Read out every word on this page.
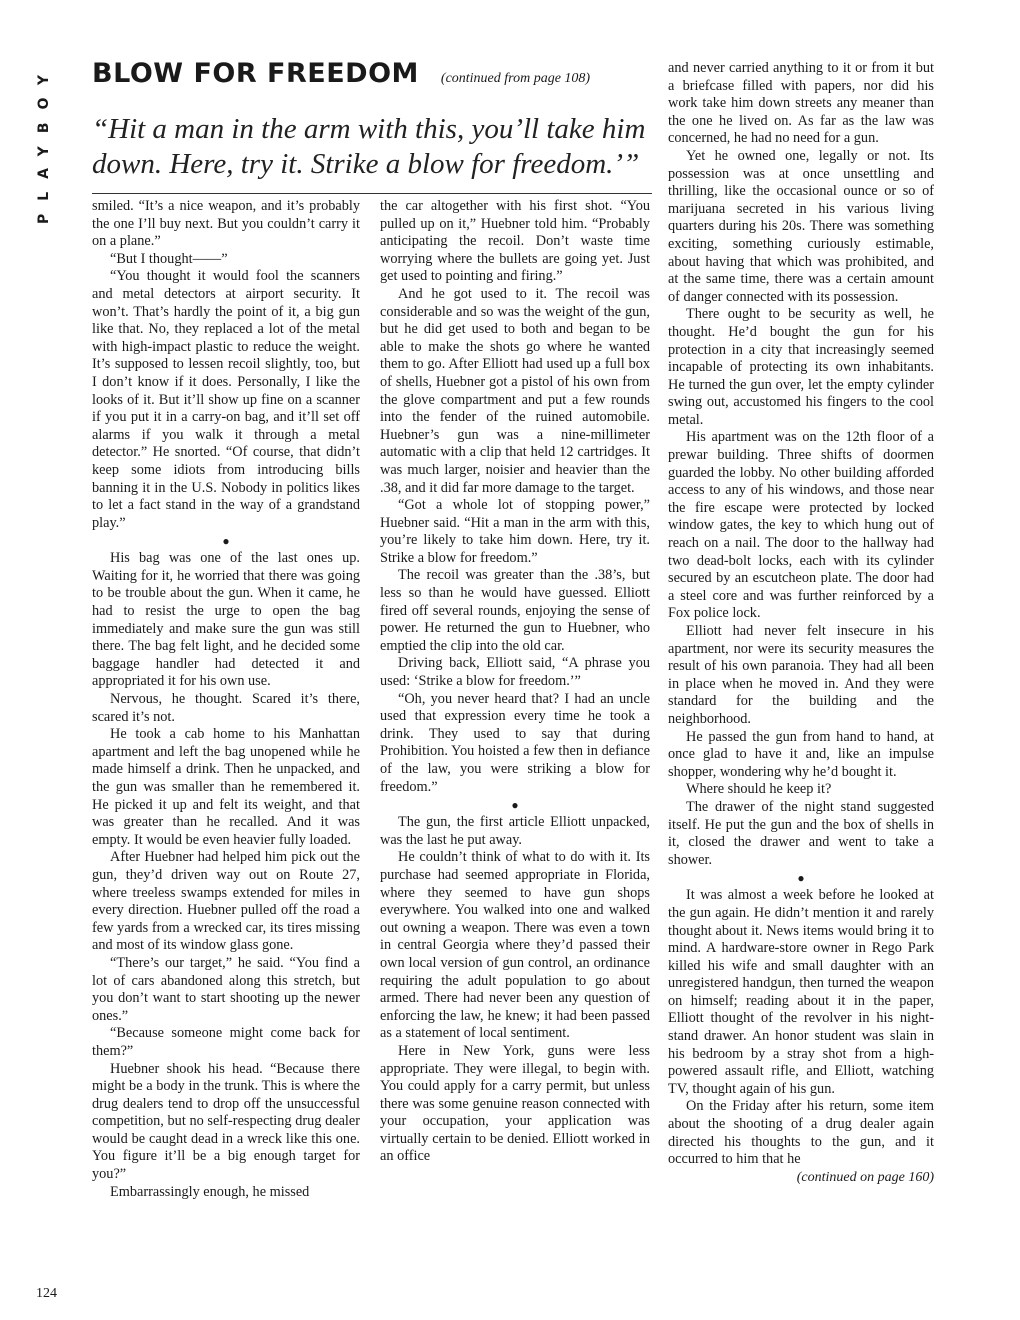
PLAYBOY BLOW FOR FREEDOM (continued from page 108)
“Hit a man in the arm with this, you’ll take him down. Here, try it. Strike a blow for freedom.’”

smiled. “It’s a nice weapon, and it’s probably the one I’ll buy next. But you couldn’t carry it on a plane.”

“But I thought——”

“You thought it would fool the scanners and metal detectors at airport security. It won’t. That’s hardly the point of it, a big gun like that. No, they replaced a lot of the metal with high-impact plastic to reduce the weight. It’s supposed to lessen recoil slightly, too, but I don’t know if it does. Personally, I like the looks of it. But it’ll show up fine on a scanner if you put it in a carry-on bag, and it’ll set off alarms if you walk it through a metal detector.” He snorted. “Of course, that didn’t keep some idiots from introducing bills banning it in the U.S. Nobody in politics likes to let a fact stand in the way of a grandstand play.”

●

His bag was one of the last ones up. Waiting for it, he worried that there was going to be trouble about the gun. When it came, he had to resist the urge to open the bag immediately and make sure the gun was still there. The bag felt light, and he decided some baggage handler had detected it and appropriated it for his own use.

Nervous, he thought. Scared it’s there, scared it’s not.

He took a cab home to his Manhattan apartment and left the bag unopened while he made himself a drink. Then he unpacked, and the gun was smaller than he remembered it. He picked it up and felt its weight, and that was greater than he recalled. And it was empty. It would be even heavier fully loaded.

After Huebner had helped him pick out the gun, they’d driven way out on Route 27, where treeless swamps extended for miles in every direction. Huebner pulled off the road a few yards from a wrecked car, its tires missing and most of its window glass gone.

“There’s our target,” he said. “You find a lot of cars abandoned along this stretch, but you don’t want to start shooting up the newer ones.”

“Because someone might come back for them?”

Huebner shook his head. “Because there might be a body in the trunk. This is where the drug dealers tend to drop off the unsuccessful competition, but no self-respecting drug dealer would be caught dead in a wreck like this one. You figure it’ll be a big enough target for you?”

Embarrassingly enough, he missed

the car altogether with his first shot. “You pulled up on it,” Huebner told him. “Probably anticipating the recoil. Don’t waste time worrying where the bullets are going yet. Just get used to pointing and firing.”

And he got used to it. The recoil was considerable and so was the weight of the gun, but he did get used to both and began to be able to make the shots go where he wanted them to go. After Elliott had used up a full box of shells, Huebner got a pistol of his own from the glove compartment and put a few rounds into the fender of the ruined automobile. Huebner’s gun was a nine-millimeter automatic with a clip that held 12 cartridges. It was much larger, noisier and heavier than the .38, and it did far more damage to the target.

“Got a whole lot of stopping power,” Huebner said. “Hit a man in the arm with this, you’re likely to take him down. Here, try it. Strike a blow for freedom.”

The recoil was greater than the .38’s, but less so than he would have guessed. Elliott fired off several rounds, enjoying the sense of power. He returned the gun to Huebner, who emptied the clip into the old car.

Driving back, Elliott said, “A phrase you used: ‘Strike a blow for freedom.’”

“Oh, you never heard that? I had an uncle used that expression every time he took a drink. They used to say that during Prohibition. You hoisted a few then in defiance of the law, you were striking a blow for freedom.”

●

The gun, the first article Elliott unpacked, was the last he put away.

He couldn’t think of what to do with it. Its purchase had seemed appropriate in Florida, where they seemed to have gun shops everywhere. You walked into one and walked out owning a weapon. There was even a town in central Georgia where they’d passed their own local version of gun control, an ordinance requiring the adult population to go about armed. There had never been any question of enforcing the law, he knew; it had been passed as a statement of local sentiment.

Here in New York, guns were less appropriate. They were illegal, to begin with. You could apply for a carry permit, but unless there was some genuine reason connected with your occupation, your application was virtually certain to be denied. Elliott worked in an office

and never carried anything to it or from it but a briefcase filled with papers, nor did his work take him down streets any meaner than the one he lived on. As far as the law was concerned, he had no need for a gun.

Yet he owned one, legally or not. Its possession was at once unsettling and thrilling, like the occasional ounce or so of marijuana secreted in his various living quarters during his 20s. There was something exciting, something curiously estimable, about having that which was prohibited, and at the same time, there was a certain amount of danger connected with its possession.

There ought to be security as well, he thought. He’d bought the gun for his protection in a city that increasingly seemed incapable of protecting its own inhabitants. He turned the gun over, let the empty cylinder swing out, accustomed his fingers to the cool metal.

His apartment was on the 12th floor of a prewar building. Three shifts of doormen guarded the lobby. No other building afforded access to any of his windows, and those near the fire escape were protected by locked window gates, the key to which hung out of reach on a nail. The door to the hallway had two dead-bolt locks, each with its cylinder secured by an escutcheon plate. The door had a steel core and was further reinforced by a Fox police lock.

Elliott had never felt insecure in his apartment, nor were its security measures the result of his own paranoia. They had all been in place when he moved in. And they were standard for the building and the neighborhood.

He passed the gun from hand to hand, at once glad to have it and, like an impulse shopper, wondering why he’d bought it.

Where should he keep it?

The drawer of the night stand suggested itself. He put the gun and the box of shells in it, closed the drawer and went to take a shower.

●

It was almost a week before he looked at the gun again. He didn’t mention it and rarely thought about it. News items would bring it to mind. A hardware-store owner in Rego Park killed his wife and small daughter with an unregistered handgun, then turned the weapon on himself; reading about it in the paper, Elliott thought of the revolver in his night-stand drawer. An honor student was slain in his bedroom by a stray shot from a high-powered assault rifle, and Elliott, watching TV, thought again of his gun.

On the Friday after his return, some item about the shooting of a drug dealer again directed his thoughts to the gun, and it occurred to him that he

(continued on page 160)
124
